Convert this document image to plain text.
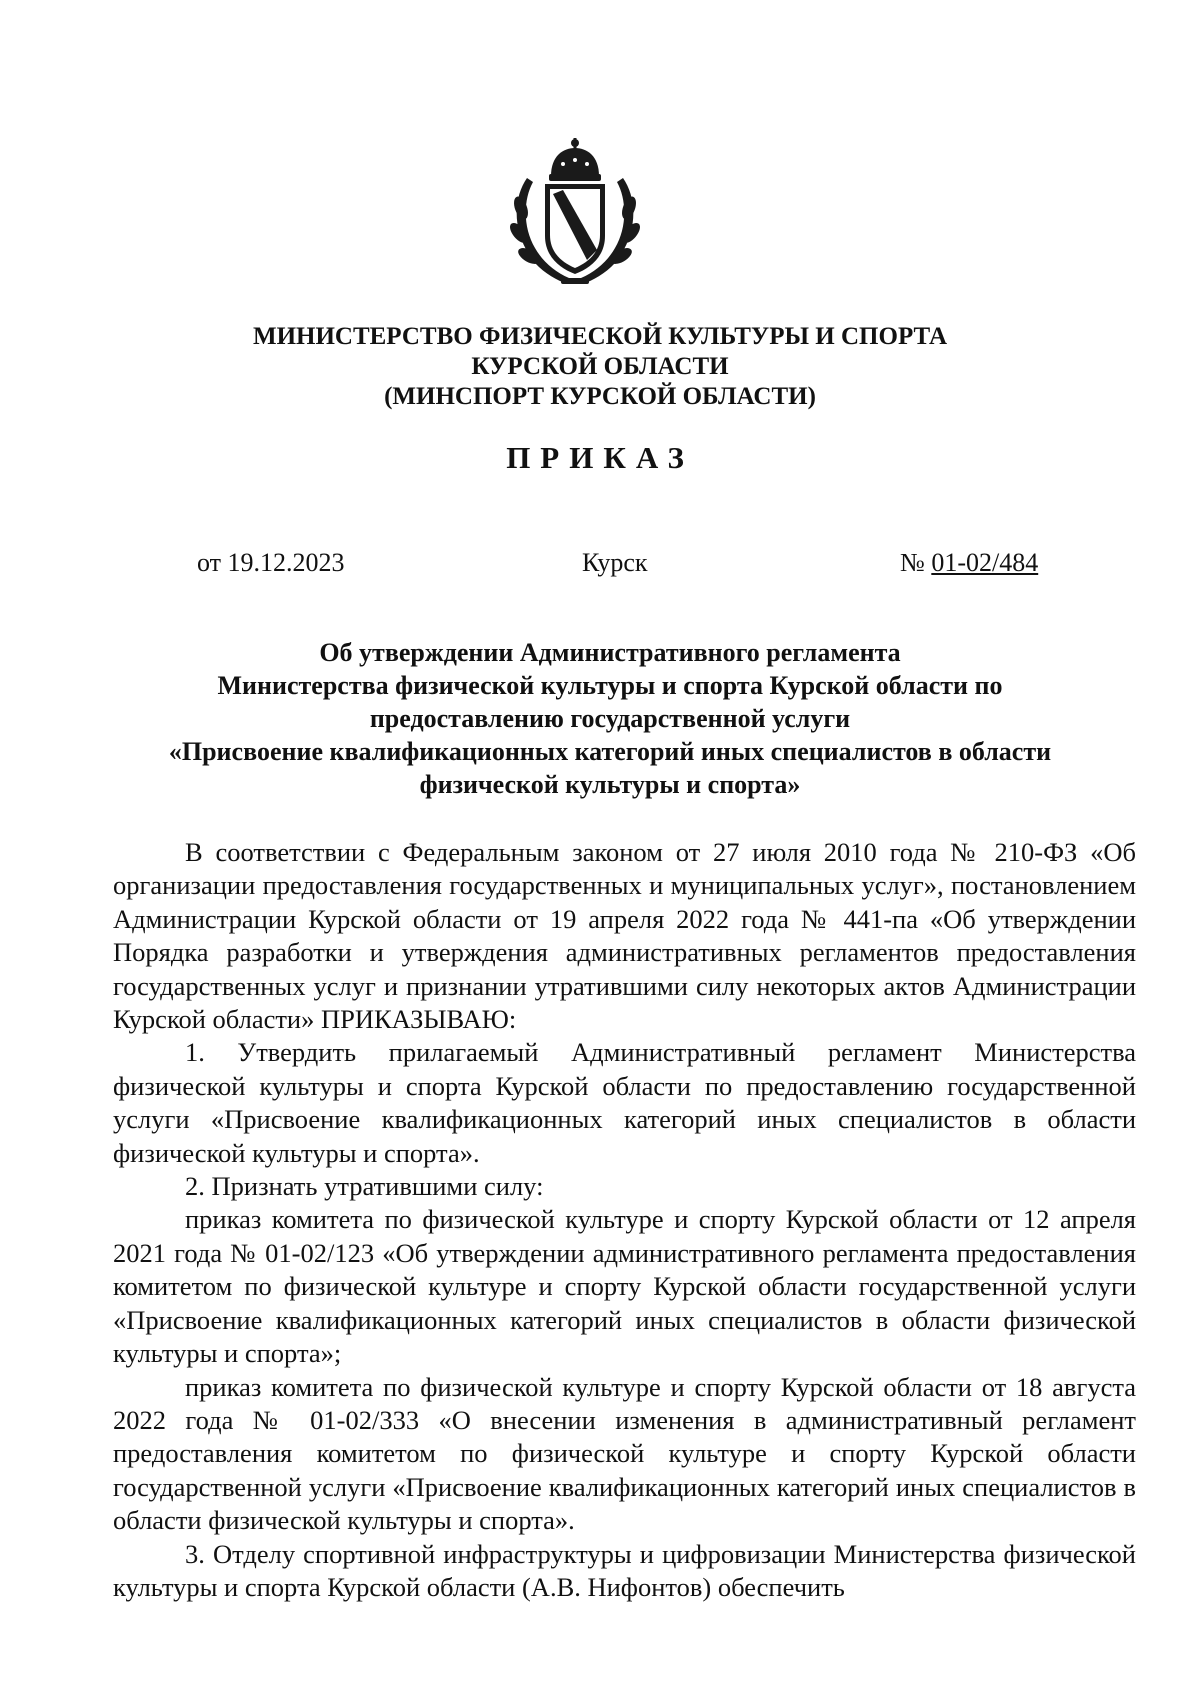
МИНИСТЕРСТВО ФИЗИЧЕСКОЙ КУЛЬТУРЫ И СПОРТА
КУРСКОЙ ОБЛАСТИ
(МИНСПОРТ КУРСКОЙ ОБЛАСТИ)
ПРИКАЗ
от 19.12.2023	Курск	№ 01-02/484
Об утверждении Административного регламента
Министерства физической культуры и спорта Курской области по
предоставлению государственной услуги
«Присвоение квалификационных категорий иных специалистов в области
физической культуры и спорта»

В соответствии с Федеральным законом от 27 июля 2010 года № 210-ФЗ «Об организации предоставления государственных и муниципальных услуг», постановлением Администрации Курской области от 19 апреля 2022 года № 441-па «Об утверждении Порядка разработки и утверждения административных регламентов предоставления государственных услуг и признании утратившими силу некоторых актов Администрации Курской области» ПРИКАЗЫВАЮ:

1. Утвердить прилагаемый Административный регламент Министерства физической культуры и спорта Курской области по предоставлению государственной услуги «Присвоение квалификационных категорий иных специалистов в области физической культуры и спорта».

2. Признать утратившими силу:

приказ комитета по физической культуре и спорту Курской области от 12 апреля 2021 года № 01-02/123 «Об утверждении административного регламента предоставления комитетом по физической культуре и спорту Курской области государственной услуги «Присвоение квалификационных категорий иных специалистов в области физической культуры и спорта»;

приказ комитета по физической культуре и спорту Курской области от 18 августа 2022 года № 01-02/333 «О внесении изменения в административный регламент предоставления комитетом по физической культуре и спорту Курской области государственной услуги «Присвоение квалификационных категорий иных специалистов в области физической культуры и спорта».

3. Отделу спортивной инфраструктуры и цифровизации Министерства физической культуры и спорта Курской области (А.В. Нифонтов) обеспечить
